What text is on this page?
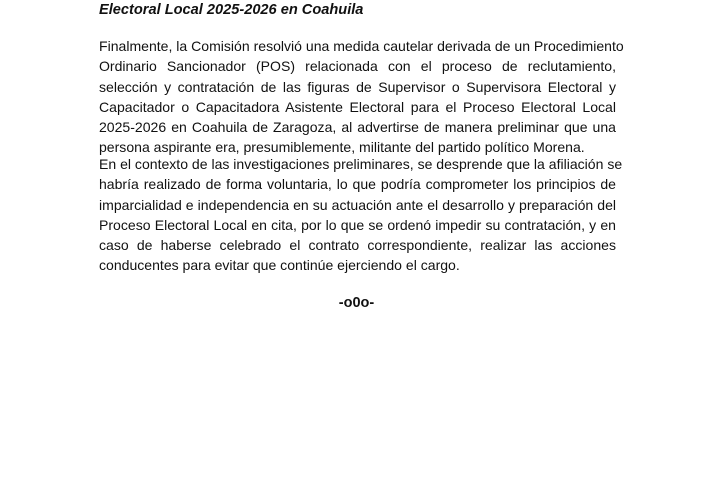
Electoral Local 2025-2026 en Coahuila
Finalmente, la Comisión resolvió una medida cautelar derivada de un Procedimiento
Ordinario Sancionador (POS) relacionada con el proceso de reclutamiento,
selección y contratación de las figuras de Supervisor o Supervisora Electoral y
Capacitador o Capacitadora Asistente Electoral para el Proceso Electoral Local
2025-2026 en Coahuila de Zaragoza, al advertirse de manera preliminar que una
persona aspirante era, presumiblemente, militante del partido político Morena.
En el contexto de las investigaciones preliminares, se desprende que la afiliación se
habría realizado de forma voluntaria, lo que podría comprometer los principios de
imparcialidad e independencia en su actuación ante el desarrollo y preparación del
Proceso Electoral Local en cita, por lo que se ordenó impedir su contratación, y en
caso de haberse celebrado el contrato correspondiente, realizar las acciones
conducentes para evitar que continúe ejerciendo el cargo.
-o0o-
